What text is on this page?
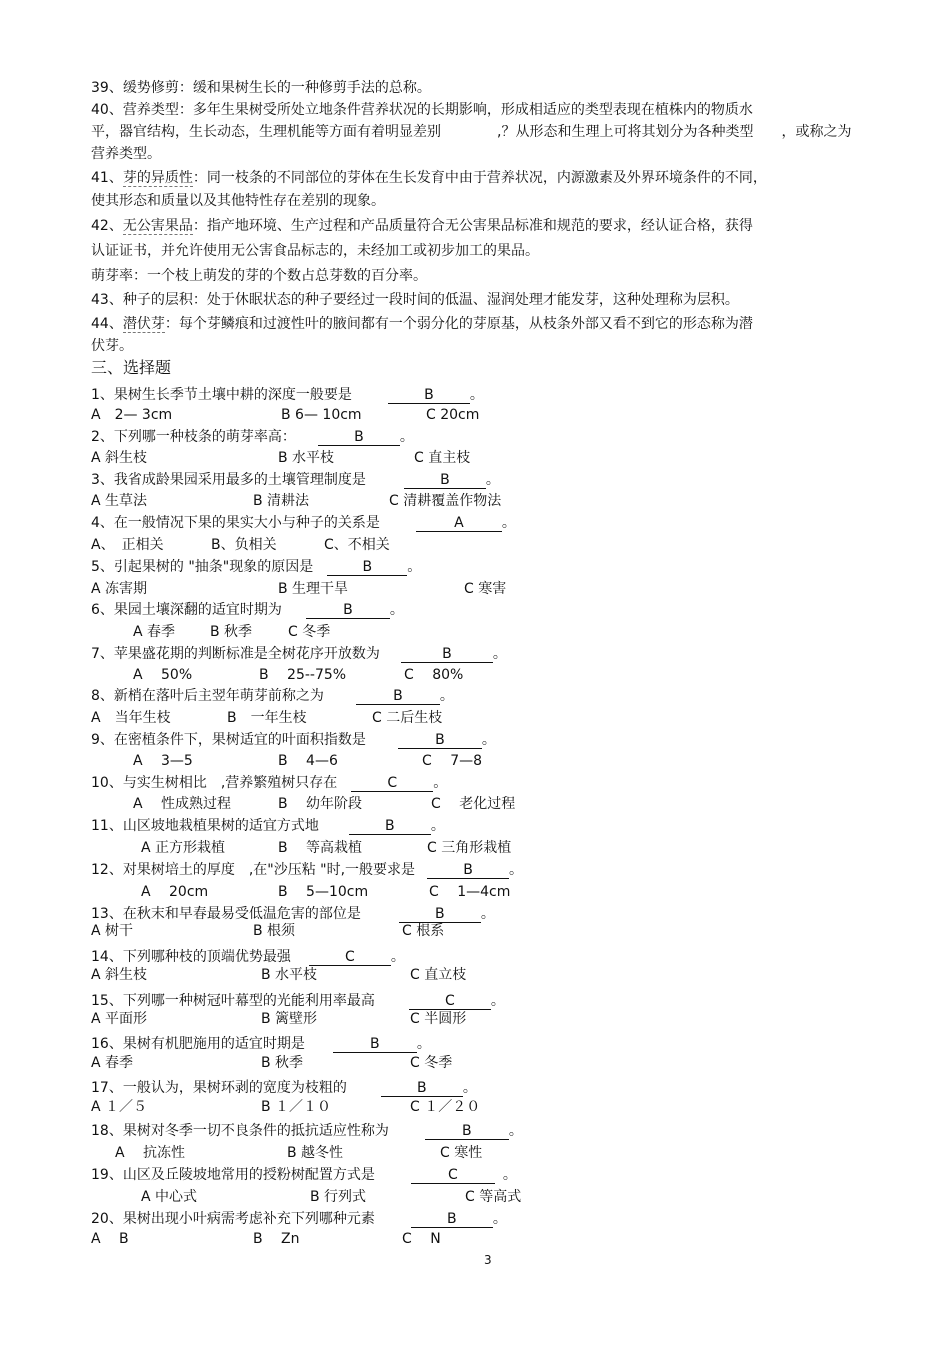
39、缓势修剪：缓和果树生长的一种修剪手法的总称。
40、营养类型：多年生果树受所处立地条件营养状况的长期影响，形成相适应的类型表现在植株内的物质水
平，器官结构，生长动态，生理机能等方面有着明显差别　　　　,？从形态和生理上可将其划分为各种类型　　，或称之为
营养类型。
41、芽的异质性：同一枝条的不同部位的芽体在生长发育中由于营养状况，内源激素及外界环境条件的不同，
使其形态和质量以及其他特性存在差别的现象。
42、无公害果品：指产地环境、生产过程和产品质量符合无公害果品标准和规范的要求，经认证合格，获得
认证证书，并允许使用无公害食品标志的，未经加工或初步加工的果品。
萌芽率：一个枝上萌发的芽的个数占总芽数的百分率。
43、种子的层积：处于休眠状态的种子要经过一段时间的低温、湿润处理才能发芽，这种处理称为层积。
44、潜伏芽：每个芽鳞痕和过渡性叶的腋间都有一个弱分化的芽原基，从枝条外部又看不到它的形态称为潜
伏芽。
三、选择题
1、果树生长季节土壤中耕的深度一般要是	B	。
A　2— 3cm	B 6— 10cm	C 20cm
2、下列哪一种枝条的萌芽率高：	B	。
A 斜生枝	B 水平枝	C 直主枝
3、我省成龄果园采用最多的土壤管理制度是	B	。
A 生草法	B 清耕法	C 清耕覆盖作物法
4、在一般情况下果的果实大小与种子的关系是	A	。
A、　正相关	B、负相关	C、不相关
5、引起果树的 "抽条"现象的原因是	B	。
A 冻害期	B 生理干旱	C 寒害
6、果园土壤深翻的适宜时期为	B	。
A 春季 B 秋季	C 冬季
7、苹果盛花期的判断标准是全树花序开放数为	B	。
A　 50%	B　 25--75%	C　 80%
8、新梢在落叶后主翌年萌芽前称之为	B	。
A　当年生枝	B　一年生枝	C 二后生枝
9、在密植条件下，果树适宜的叶面积指数是	B	。
A　 3—5	B　 4—6	C　 7—8
10、与实生树相比　,营养繁殖树只存在	C	。
A　 性成熟过程	B　 幼年阶段	C　 老化过程
11、山区坡地栽植果树的适宜方式地	B	。
A 正方形栽植	B　 等高栽植	C 三角形栽植
12、对果树培土的厚度　,在"沙压粘 "时,一般要求是	B	。
A　 20cm	B　 5—10cm	C　 1—4cm
13、在秋末和早春最易受低温危害的部位是	B	。
A 树干	B 根须	C 根系
14、下列哪种枝的顶端优势最强	C	。
A 斜生枝	B 水平枝	C 直立枝
15、下列哪一种树冠叶幕型的光能利用率最高	C	。
A 平面形	B 篱壁形	C 半圆形
16、果树有机肥施用的适宜时期是	B	。
A 春季	B 秋季	C 冬季
17、一般认为，果树环剥的宽度为枝粗的	B	。
A １／５	B １／１０	C １／２０
18、果树对冬季一切不良条件的抵抗适应性称为	B	。
A　 抗冻性	B 越冬性	C 寒性
19、山区及丘陵坡地常用的授粉树配置方式是	C	。
A 中心式	B 行列式	C 等高式
20、果树出现小叶病需考虑补充下列哪种元素	B	。
A　 B	B　 Zn	C　 N
3
